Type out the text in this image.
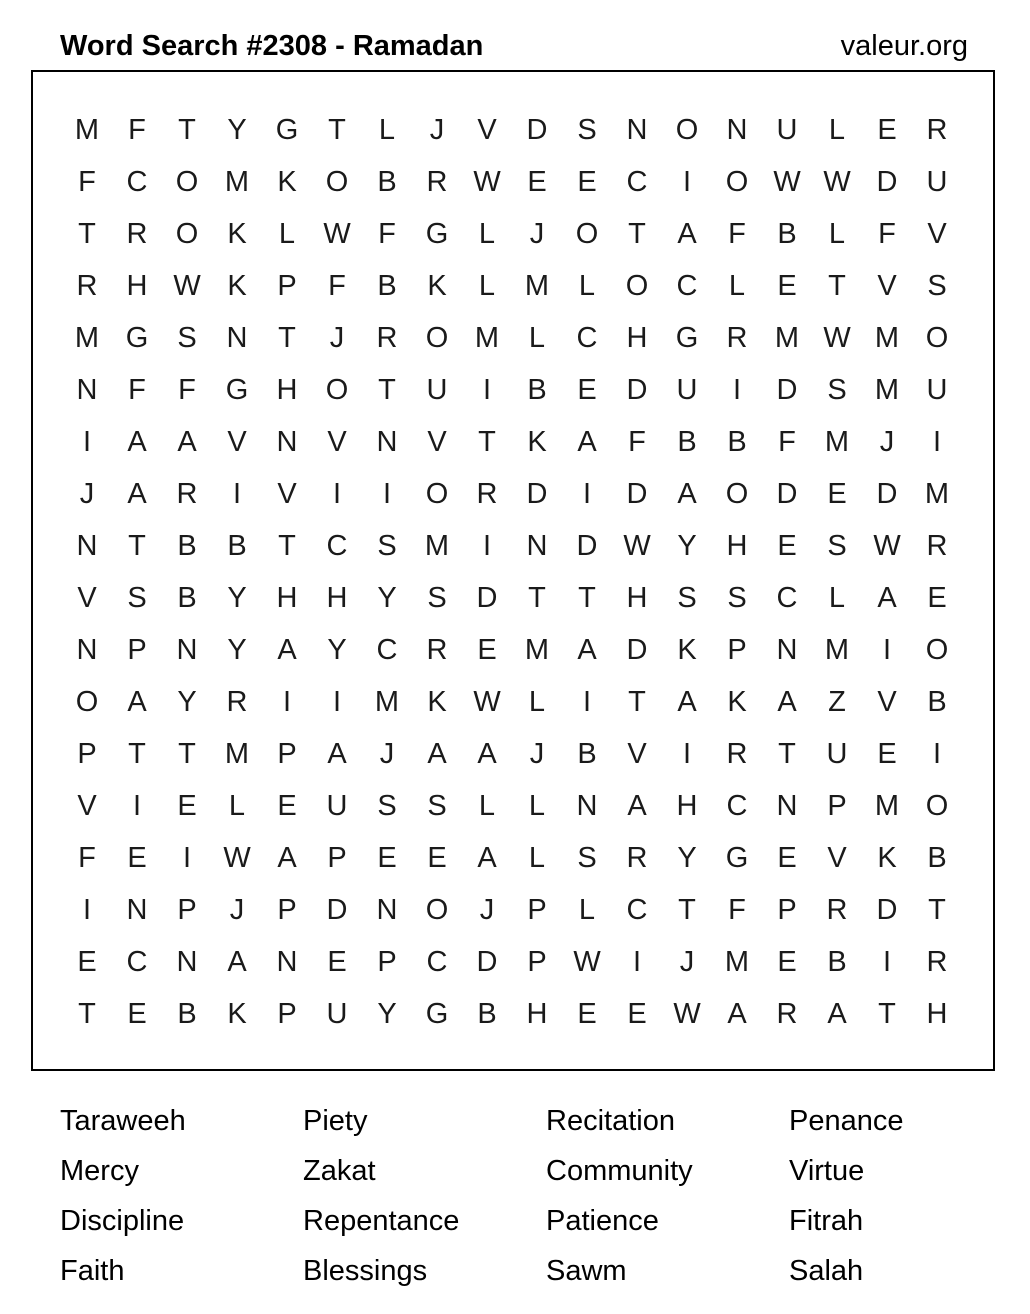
Word Search #2308 - Ramadan	valeur.org
M	F	T	Y	G	T	L	J	V	D	S	N O N	U	L	E	R
F	C O M K	O	B	R W E	E	C	I	O W W D	U
T	R O	K	L W F	G	L	J	O	T	A	F	B	L	F	V
R	H W K	P	F	B	K	L	M	L	O C	L	E	T	V	S
M G	S	N	T	J	R O M	L	C	H G R M W M O
N	F	F	G H O	T	U	I	B	E	D	U	I	D	S M U
I	A	A	V	N	V	N	V	T	K	A	F	B	B	F	M	J	I
J	A	R	I	V	I	I	O R	D	I	D	A	O D	E	D M
N	T	B	B	T	C	S M	I	N	D W Y	H	E	S W R
V	S	B	Y	H	H	Y	S	D	T	T	H	S	S	C	L	A	E
N	P	N	Y	A	Y	C	R	E M A	D	K	P	N M	I	O
O	A	Y	R	I	I	M K W L	I	T	A	K	A	Z	V	B
P	T	T	M P	A	J	A	A	J	B	V	I	R	T	U	E	I
V	I	E	L	E	U	S	S	L	L	N	A	H	C	N	P M O
F	E	I	W A	P	E	E	A	L	S	R	Y	G	E	V	K	B
I	N	P	J	P	D	N O	J	P	L	C	T	F	P	R	D	T
E	C	N	A	N	E	P	C	D	P W	I	J	M E	B	I	R
T	E	B	K	P	U	Y	G	B	H	E	E W A	R	A	T	H
Taraweeh	Piety	Recitation	Penance
Mercy	Zakat	Community	Virtue
Discipline	Repentance	Patience	Fitrah
Faith	Blessings	Sawm	Salah
